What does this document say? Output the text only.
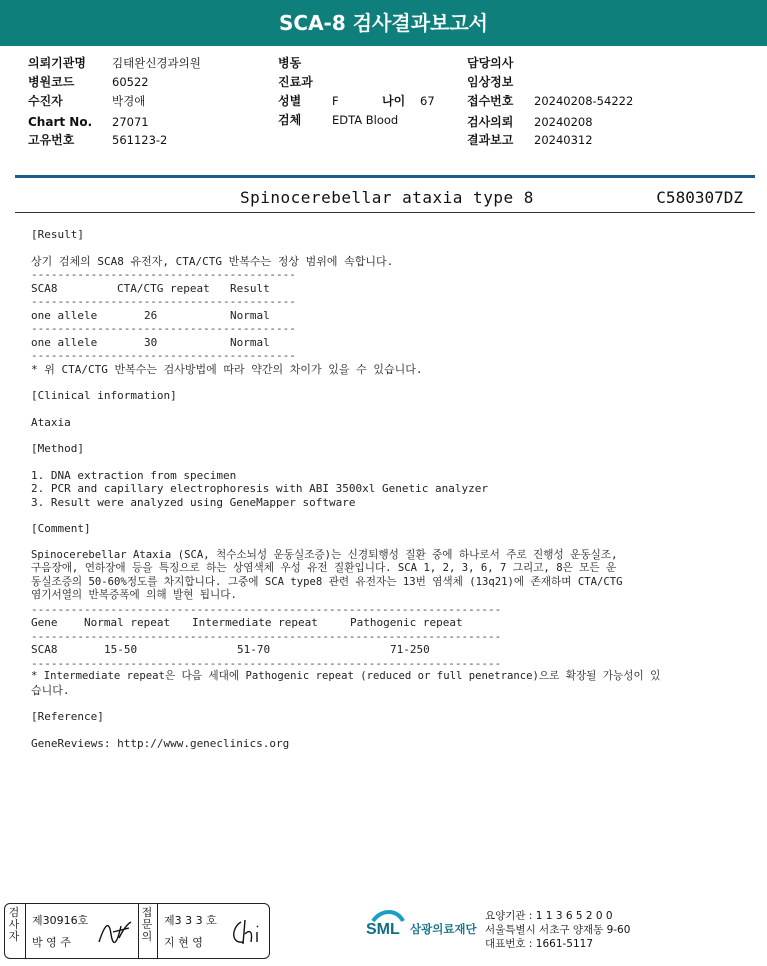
SCA-8 검사결과보고서
의뢰기관명 김태완신경과의원
병원코드	60522
수진자	박경애
Chart No. 27071
고유번호	561123-2
병동
진료과
성별	F	나이 67
검체	EDTA Blood
담당의사
임상정보
접수번호 20240208-54222
검사의뢰 20240208
결과보고 20240312
Spinocerebellar ataxia type 8	C580307DZ
[Result]
상기 검체의 SCA8 유전자, CTA/CTG 반복수는 정상 범위에 속합니다.
----------------------------------------
SCA8	CTA/CTG repeat Result
----------------------------------------
one allele	26	Normal
----------------------------------------
one allele	30	Normal
----------------------------------------
* 위 CTA/CTG 반복수는 검사방법에 따라 약간의 차이가 있을 수 있습니다.
[Clinical information]
Ataxia
[Method]
1. DNA extraction from specimen
2. PCR and capillary electrophoresis with ABI 3500xl Genetic analyzer
3. Result were analyzed using GeneMapper software
[Comment]
Spinocerebellar Ataxia (SCA, 척수소뇌성 운동실조증)는 신경퇴행성 질환 중에 하나로서 주로 진행성 운동실조,
구음장애, 연하장애 등을 특징으로 하는 상염색체 우성 유전 질환입니다. SCA 1, 2, 3, 6, 7 그리고, 8은 모든 운
동실조증의 50-60%정도를 차지합니다. 그중에 SCA type8 관련 유전자는 13번 염색체 (13q21)에 존재하며 CTA/CTG
염기서열의 반복증폭에 의해 발현 됩니다.
-----------------------------------------------------------------------
Gene Normal repeat Intermediate repeat	Pathogenic repeat
-----------------------------------------------------------------------
SCA8	15-50	51-70	71-250
-----------------------------------------------------------------------
* Intermediate repeat은 다음 세대에 Pathogenic repeat (reduced or full penetrance)으로 확장될 가능성이 있
습니다.
[Reference]
GeneReviews: http://www.geneclinics.org
검
사
자
제30916호
박 영 주
접
문
의
제3 3 3 호
지 현 영
SML 삼광의료재단
요양기관 : 1 1 3 6 5 2 0 0
서울특별시 서초구 양재동 9-60
대표번호 : 1661-5117
